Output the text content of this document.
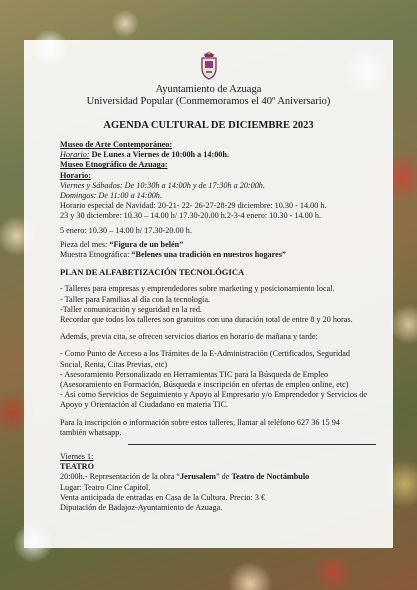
Ayuntamiento de Azuaga
Universidad Popular (Conmemoramos el 40º Aniversario)
AGENDA CULTURAL DE DICIEMBRE 2023

Museo de Arte Contemporáneo:

Horario: De Lunes a Viernes de 10:00h a 14:00h.

Museo Etnográfico de Azuaga:

Horario:

Viernes y Sábados: De 10:30h a 14:00h y de 17:30h a 20:00h.

Domingos: De 11:00 a 14:00h.

Horario especial de Navidad: 20-21- 22- 26-27-28-29 diciembre: 10.30 - 14.00 h.

23 y 30 diciembre: 10.30 – 14.00 h/ 17.30-20.00 h.2-3-4 enero: 10.30 - 14.00 h.

5 enero: 10.30 – 14.00 h/ 17.30-20.00 h.

Pieza del mes: “Figura de un belén”

Muestra Etnográfica: “Belenes una tradición en nuestros hogares”

PLAN DE ALFABETIZACIÓN TECNOLÓGICA

- Talleres para empresas y emprendedores sobre marketing y posicionamiento local.

- Taller para Familias al día con la tecnología.

-Taller comunicación y seguridad en la red.

Recordar que todos los talleres son gratuitos con una duración total de entre 8 y 20 horas.

Además, previa cita, se ofrecen servicios diarios en horario de mañana y tarde:

- Como Punto de Acceso a los Trámites de la E-Administración (Certificados, Seguridad Social, Renta, Citas Previas, etc)

- Asesoramiento Personalizado en Herramientas TIC para la Búsqueda de Empleo (Asesoramiento en Formación, Búsqueda e inscripción en ofertas de empleo online, etc)

- Así como Servicios de Seguimiento y Apoyo al Empresario y/o Emprendedor y Servicios de Apoyo y Orientación al Ciudadano en materia TIC.

Para la inscripción o información sobre estos talleres, llamar al teléfono 627 36 15 94 también whatsapp.

Viernes 1:

TEATRO

20:00h.- Representación de la obra “Jerusalem” de Teatro de Noctámbulo

Lugar: Teatro Cine Capitol.

Venta anticipada de entradas en Casa de la Cultura. Precio: 3 €

Diputación de Badajoz-Ayuntamiento de Azuaga.
